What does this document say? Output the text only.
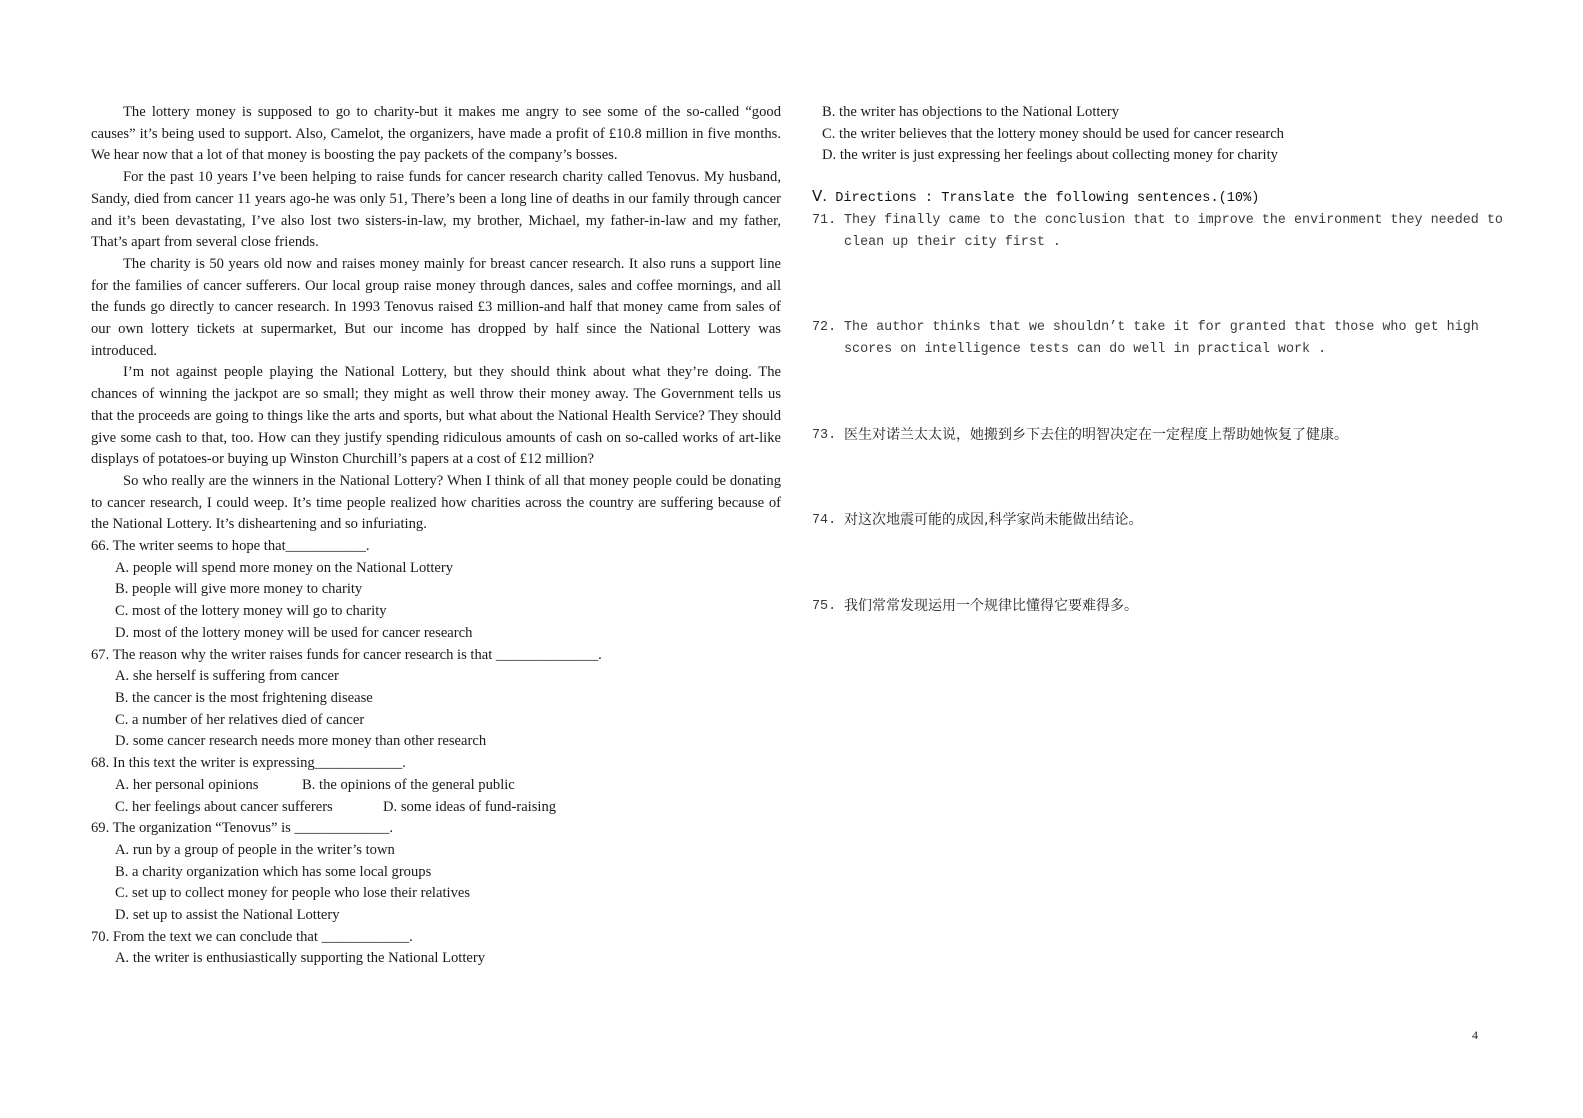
The lottery money is supposed to go to charity-but it makes me angry to see some of the so-called “good causes” it’s being used to support. Also, Camelot, the organizers, have made a profit of £10.8 million in five months. We hear now that a lot of that money is boosting the pay packets of the company’s bosses.

For the past 10 years I’ve been helping to raise funds for cancer research charity called Tenovus. My husband, Sandy, died from cancer 11 years ago-he was only 51, There’s been a long line of deaths in our family through cancer and it’s been devastating, I’ve also lost two sisters-in-law, my brother, Michael, my father-in-law and my father, That’s apart from several close friends.

The charity is 50 years old now and raises money mainly for breast cancer research. It also runs a support line for the families of cancer sufferers. Our local group raise money through dances, sales and coffee mornings, and all the funds go directly to cancer research. In 1993 Tenovus raised £3 million-and half that money came from sales of our own lottery tickets at supermarket, But our income has dropped by half since the National Lottery was introduced.

I’m not against people playing the National Lottery, but they should think about what they’re doing. The chances of winning the jackpot are so small; they might as well throw their money away. The Government tells us that the proceeds are going to things like the arts and sports, but what about the National Health Service? They should give some cash to that, too. How can they justify spending ridiculous amounts of cash on so-called works of art-like displays of potatoes-or buying up Winston Churchill’s papers at a cost of £12 million?

So who really are the winners in the National Lottery? When I think of all that money people could be donating to cancer research, I could weep. It’s time people realized how charities across the country are suffering because of the National Lottery. It’s disheartening and so infuriating.

66. The writer seems to hope that___________.

A. people will spend more money on the National Lottery

B. people will give more money to charity

C. most of the lottery money will go to charity

D. most of the lottery money will be used for cancer research

67. The reason why the writer raises funds for cancer research is that ______________.

A. she herself is suffering from cancer

B. the cancer is the most frightening disease

C. a number of her relatives died of cancer

D. some cancer research needs more money than other research

68. In this text the writer is expressing____________.

A. her personal opinions	B. the opinions of the general public
C. her feelings about cancer sufferers	D. some ideas of fund-raising

69. The organization “Tenovus” is _____________.

A. run by a group of people in the writer’s town

B. a charity organization which has some local groups

C. set up to collect money for people who lose their relatives

D. set up to assist the National Lottery

70. From the text we can conclude that ____________.

A. the writer is enthusiastically supporting the National Lottery

B. the writer has objections to the National Lottery

C. the writer believes that the lottery money should be used for cancer research

D. the writer is just expressing her feelings about collecting money for charity

Ⅴ. Directions : Translate the following sentences.(10%)

71. They finally came to the conclusion that to improve the environment they needed to clean up their city first .
72. The author thinks that we shouldn’t take it for granted that those who get high scores on intelligence tests can do well in practical work .
73. 医生对诺兰太太说，她搬到乡下去住的明智决定在一定程度上帮助她恢复了健康。
74. 对这次地震可能的成因,科学家尚未能做出结论。
75. 我们常常发现运用一个规律比懂得它要难得多。
4
